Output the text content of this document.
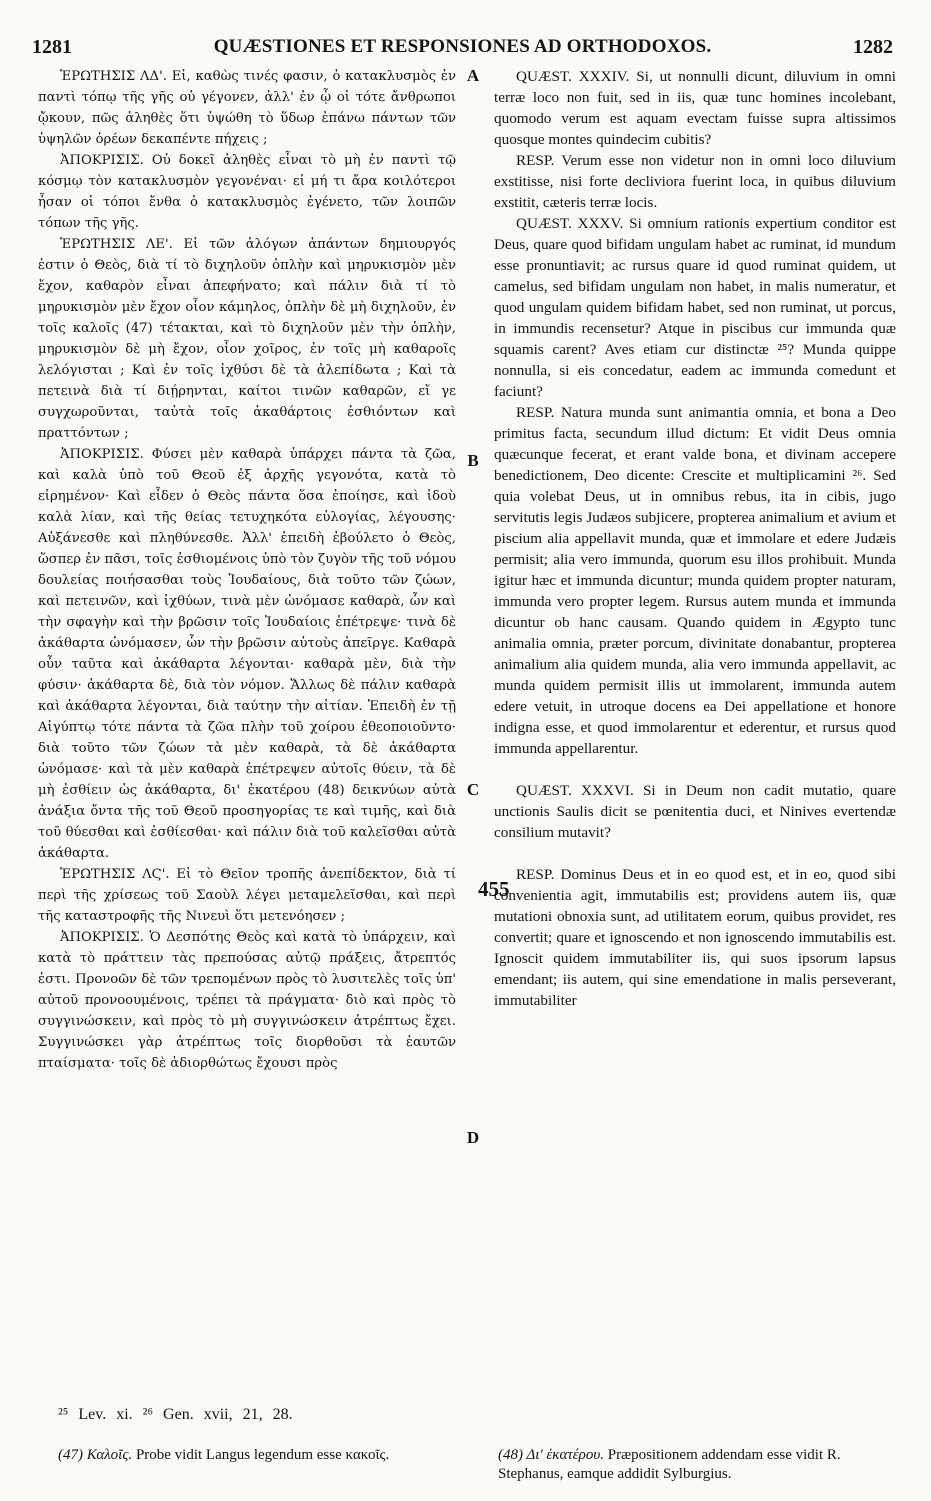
1281	QUÆSTIONES ET RESPONSIONES AD ORTHODOXOS.	1282

ἘΡΩΤΗΣΙΣ ΛΔ'. Εἰ, καθὼς τινές φασιν, ὁ κατακλυσμὸς ἐν παντὶ τόπῳ τῆς γῆς οὐ γέγονεν, ἀλλ' ἐν ᾧ οἱ τότε ἄνθρωποι ᾤκουν, πῶς ἀληθὲς ὅτι ὑψώθη τὸ ὕδωρ ἐπάνω πάντων τῶν ὑψηλῶν ὀρέων δεκαπέντε πήχεις ;

ἈΠΟΚΡΙΣΙΣ. Οὐ δοκεῖ ἀληθὲς εἶναι τὸ μὴ ἐν παντὶ τῷ κόσμῳ τὸν κατακλυσμὸν γεγονέναι· εἰ μή τι ἄρα κοιλότεροι ἦσαν οἱ τόποι ἔνθα ὁ κατακλυσμὸς ἐγένετο, τῶν λοιπῶν τόπων τῆς γῆς.

ἘΡΩΤΗΣΙΣ ΛΕ'. Εἰ τῶν ἀλόγων ἁπάντων δημιουργός ἐστιν ὁ Θεὸς, διὰ τί τὸ διχηλοῦν ὁπλὴν καὶ μηρυκισμὸν μὲν ἔχον, καθαρὸν εἶναι ἀπεφήνατο; καὶ πάλιν διὰ τί τὸ μηρυκισμὸν μὲν ἔχον οἷον κάμηλος, ὁπλὴν δὲ μὴ διχηλοῦν, ἐν τοῖς καλοῖς (47) τέτακται, καὶ τὸ διχηλοῦν μὲν τὴν ὁπλὴν, μηρυκισμὸν δὲ μὴ ἔχον, οἷον χοῖρος, ἐν τοῖς μὴ καθαροῖς λελόγισται ; Καὶ ἐν τοῖς ἰχθύσι δὲ τὰ ἀλεπίδωτα ; Καὶ τὰ πετεινὰ διὰ τί διῄρηνται, καίτοι τινῶν καθαρῶν, εἴ γε συγχωροῦνται, ταὐτὰ τοῖς ἀκαθάρτοις ἐσθιόντων καὶ πραττόντων ;

ἈΠΟΚΡΙΣΙΣ. Φύσει μὲν καθαρὰ ὑπάρχει πάντα τὰ ζῶα, καὶ καλὰ ὑπὸ τοῦ Θεοῦ ἐξ ἀρχῆς γεγονότα, κατὰ τὸ εἰρημένον· Καὶ εἶδεν ὁ Θεὸς πάντα ὅσα ἐποίησε, καὶ ἰδοὺ καλὰ λίαν, καὶ τῆς θείας τετυχηκότα εὐλογίας, λέγουσης· Αὐξάνεσθε καὶ πληθύνεσθε. Ἀλλ' ἐπειδὴ ἐβούλετο ὁ Θεὸς, ὥσπερ ἐν πᾶσι, τοῖς ἐσθιομένοις ὑπὸ τὸν ζυγὸν τῆς τοῦ νόμου δουλείας ποιήσασθαι τοὺς Ἰουδαίους, διὰ τοῦτο τῶν ζώων, καὶ πετεινῶν, καὶ ἰχθύων, τινὰ μὲν ὠνόμασε καθαρὰ, ὧν καὶ τὴν σφαγὴν καὶ τὴν βρῶσιν τοῖς Ἰουδαίοις ἐπέτρεψε· τινὰ δὲ ἀκάθαρτα ὠνόμασεν, ὧν τὴν βρῶσιν αὐτοὺς ἀπεῖργε. Καθαρὰ οὖν ταῦτα καὶ ἀκάθαρτα λέγονται· καθαρὰ μὲν, διὰ τὴν φύσιν· ἀκάθαρτα δὲ, διὰ τὸν νόμον. Ἄλλως δὲ πάλιν καθαρὰ καὶ ἀκάθαρτα λέγονται, διὰ ταύτην τὴν αἰτίαν. Ἐπειδὴ ἐν τῇ Αἰγύπτῳ τότε πάντα τὰ ζῶα πλὴν τοῦ χοίρου ἐθεοποιοῦντο· διὰ τοῦτο τῶν ζώων τὰ μὲν καθαρὰ, τὰ δὲ ἀκάθαρτα ὠνόμασε· καὶ τὰ μὲν καθαρὰ ἐπέτρεψεν αὐτοῖς θύειν, τὰ δὲ μὴ ἐσθίειν ὡς ἀκάθαρτα, δι' ἑκατέρου (48) δεικνύων αὐτὰ ἀνάξια ὄντα τῆς τοῦ Θεοῦ προσηγορίας τε καὶ τιμῆς, καὶ διὰ τοῦ θύεσθαι καὶ ἐσθίεσθαι· καὶ πάλιν διὰ τοῦ καλεῖσθαι αὐτὰ ἀκάθαρτα.

ἘΡΩΤΗΣΙΣ ΛϚ'. Εἰ τὸ Θεῖον τροπῆς ἀνεπίδεκτον, διὰ τί περὶ τῆς χρίσεως τοῦ Σαοὺλ λέγει μεταμελεῖσθαι, καὶ περὶ τῆς καταστροφῆς τῆς Νινευὶ ὅτι μετενόησεν ;

ἈΠΟΚΡΙΣΙΣ. Ὁ Δεσπότης Θεὸς καὶ κατὰ τὸ ὑπάρχειν, καὶ κατὰ τὸ πράττειν τὰς πρεπούσας αὐτῷ πράξεις, ἄτρεπτός ἐστι. Προνοῶν δὲ τῶν τρεπομένων πρὸς τὸ λυσιτελὲς τοῖς ὑπ' αὐτοῦ προνοουμένοις, τρέπει τὰ πράγματα· διὸ καὶ πρὸς τὸ συγγινώσκειν, καὶ πρὸς τὸ μὴ συγγινώσκειν ἀτρέπτως ἔχει. Συγγινώσκει γὰρ ἀτρέπτως τοῖς διορθοῦσι τὰ ἑαυτῶν πταίσματα· τοῖς δὲ ἀδιορθώτως ἔχουσι πρὸς

A
B
C
D
455

QUÆST. XXXIV. Si, ut nonnulli dicunt, diluvium in omni terræ loco non fuit, sed in iis, quæ tunc homines incolebant, quomodo verum est aquam evectam fuisse supra altissimos quosque montes quindecim cubitis?

RESP. Verum esse non videtur non in omni loco diluvium exstitisse, nisi forte decliviora fuerint loca, in quibus diluvium exstitit, cæteris terræ locis.

QUÆST. XXXV. Si omnium rationis expertium conditor est Deus, quare quod bifidam ungulam habet ac ruminat, id mundum esse pronuntiavit; ac rursus quare id quod ruminat quidem, ut camelus, sed bifidam ungulam non habet, in malis numeratur, et quod ungulam quidem bifidam habet, sed non ruminat, ut porcus, in immundis recensetur? Atque in piscibus cur immunda quæ squamis carent? Aves etiam cur distinctæ ²⁵? Munda quippe nonnulla, si eis concedatur, eadem ac immunda comedunt et faciunt?

RESP. Natura munda sunt animantia omnia, et bona a Deo primitus facta, secundum illud dictum: Et vidit Deus omnia quæcunque fecerat, et erant valde bona, et divinam accepere benedictionem, Deo dicente: Crescite et multiplicamini ²⁶. Sed quia volebat Deus, ut in omnibus rebus, ita in cibis, jugo servitutis legis Judæos subjicere, propterea animalium et avium et piscium alia appellavit munda, quæ et immolare et edere Judæis permisit; alia vero immunda, quorum esu illos prohibuit. Munda igitur hæc et immunda dicuntur; munda quidem propter naturam, immunda vero propter legem. Rursus autem munda et immunda dicuntur ob hanc causam. Quando quidem in Ægypto tunc animalia omnia, præter porcum, divinitate donabantur, propterea animalium alia quidem munda, alia vero immunda appellavit, ac munda quidem permisit illis ut immolarent, immunda autem edere vetuit, in utroque docens ea Dei appellatione et honore indigna esse, et quod immolarentur et ederentur, et rursus quod immunda appellarentur.

QUÆST. XXXVI. Si in Deum non cadit mutatio, quare unctionis Saulis dicit se pœnitentia duci, et Ninives evertendæ consilium mutavit?

RESP. Dominus Deus et in eo quod est, et in eo, quod sibi convenientia agit, immutabilis est; providens autem iis, quæ mutationi obnoxia sunt, ad utilitatem eorum, quibus providet, res convertit; quare et ignoscendo et non ignoscendo immutabilis est. Ignoscit quidem immutabiliter iis, qui suos ipsorum lapsus emendant; iis autem, qui sine emendatione in malis perseverant, immutabiliter

²⁵ Lev. xi. ²⁶ Gen. xvii, 21, 28.
(47) Καλοῖς. Probe vidit Langus legendum esse κακοῖς.	(48) Δι' ἑκατέρου. Præpositionem addendam esse vidit R. Stephanus, eamque addidit Sylburgius.
